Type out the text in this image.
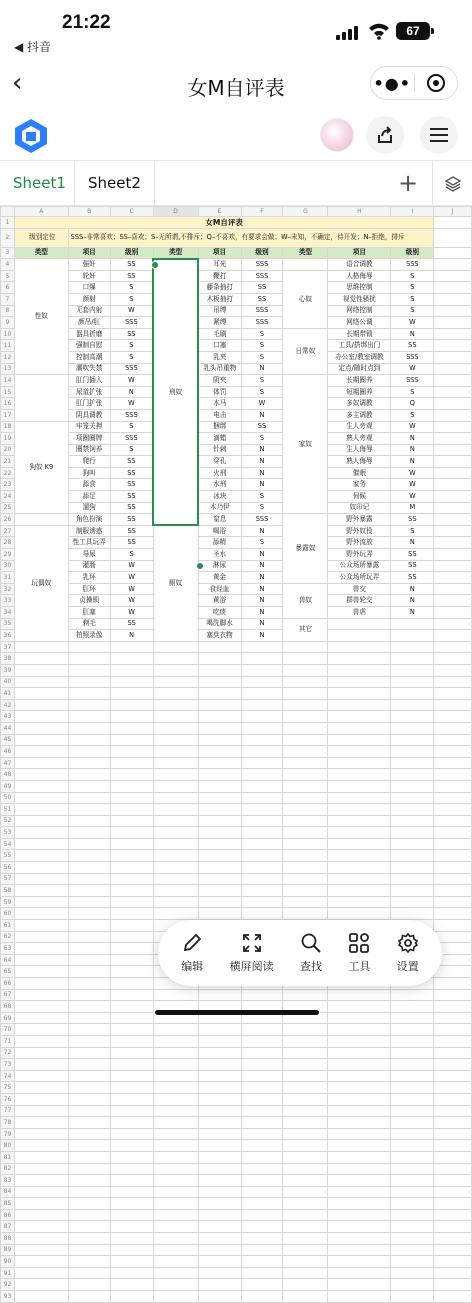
21:22
◀ 抖音
67
‹	女M自评表	•●•
Sheet1	Sheet2	+
	A	B	C	D	E	F	G	H	I	J
1	女M自评表									
2	级别定位	SSS–非常喜欢；SS–喜欢；S–无所谓,不排斥；Q–不喜欢，有要求会做；W–未知，不确定，待开发；N–拒绝，排斥								
3	类型	项目	级别	类型	项目	级别	类型	项目	级别	
4	性奴	强奸	SS	刑奴	耳光	SSS		语音调教	SSS	
5		轮奸	SS		鞭打	SSS	心奴	人格侮辱	S	
6		口爆	S		藤条抽打	SS		思维控制	S	
7		颜射	S		木板抽打	SS		视觉性骚扰	S	
8		无套内射	W		吊缚	SSS		网络控制	S	
9		颜吊/肛	SSS		紧缚	SSS		网络公调	W	
10		器具折磨	SS		毛刷	S	日常奴	长期带锁	N	
11		强制自慰	S		口塞	S		工具/搭绑出门	SS	
12		控制高潮	S		乳夹	S		办公室/教室调教	SSS	
13		潮吹失禁	SSS		乳头吊重物	N		定点/随时点到	W	
14		肛门插入	W		阴夹	S	家奴	长期圈养	SSS	
15		尿道扩张	N		体罚	S		短期圈养	S	
16		肛门扩张	W		木马	W		多奴调教	Q	
17		阴具调教	SSS		电击	N		多主调教	S	
18	狗奴 K9	牢笼关押	S		捆绑	SS		生人旁观	W	
19		项圈圈牌	SSS		滴蜡	S		熟人旁观	N	
20		圈禁饲养	S		针刺	N		生人侮辱	N	
21		爬行	SS		穿孔	N		熟人侮辱	N	
22		狗叫	SS		火刑	N		催眠	W	
23		舔食	SS		水刑	N		家务	W	
24		舔足	SS		冰块	S		伺候	W	
25		遛狗	SS		木乃伊	S		奴印记	M	
26		角色扮演	SS		窒息	SSS	暴露奴	野外暴露	SS	
27	玩偶奴	制服诱惑	SS	厕奴	喝浴	N		野外奴役	S	
28		性工具玩弄	SS		舔精	S		野外流放	N	
29		导尿	S		圣水	N		野外玩弄	SS	
30		灌肠	W		淋尿	N		公众场所暴露	SS	
31		乳环	W		黄金	N		公众场所玩弄	SS	
32		肛环	W		食经血	N	兽奴	兽交	N	
33		贞操锁	W		黄浴	N		群兽轮交	N	
34		肛塞	W		吃痰	N		兽虐	N	
35		剃毛	SS		喝洗脚水	N	其它			
36		拍照录像	N		塞臭衣物	N				
37										
38										
39										
40										
41										
42										
43										
44										
45										
46										
47										
48										
49										
50										
51										
52										
53										
54										
55										
56										
57										
58										
59										
60										
61										
62										
63										
64										
65										
66										
67										
68										
69										
70										
71										
72										
73										
74										
75										
76										
77										
78										
79										
80										
81										
82										
83										
84										
85										
86										
87										
88										
89										
90										
91										
92										
93										
编辑 横屏阅读 查找 工具 设置
